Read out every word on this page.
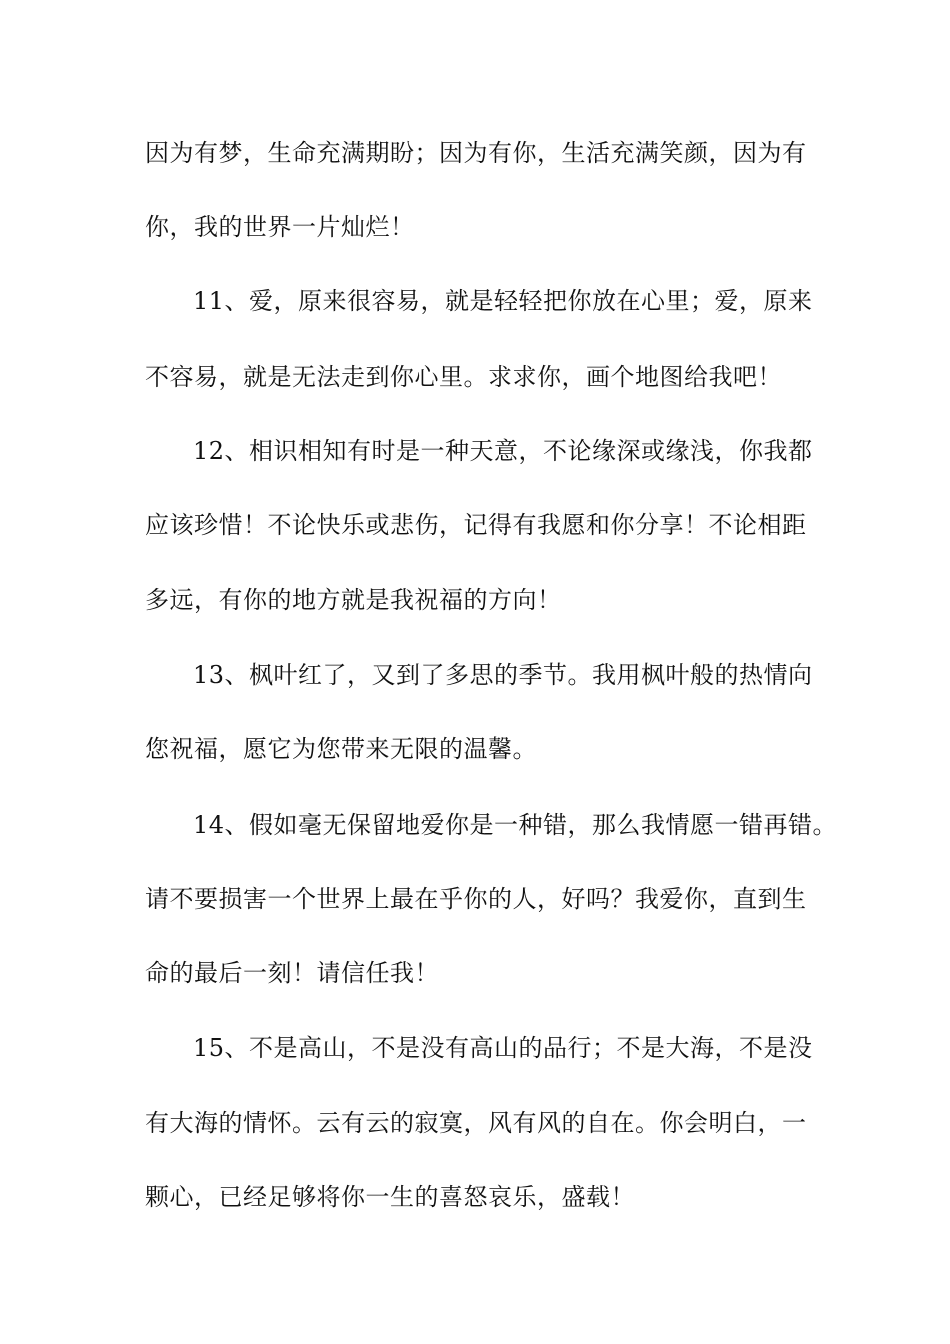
因为有梦，生命充满期盼；因为有你，生活充满笑颜，因为有
你，我的世界一片灿烂！
11、爱，原来很容易，就是轻轻把你放在心里；爱，原来
不容易，就是无法走到你心里。求求你，画个地图给我吧！
12、相识相知有时是一种天意，不论缘深或缘浅，你我都
应该珍惜！不论快乐或悲伤，记得有我愿和你分享！不论相距
多远，有你的地方就是我祝福的方向！
13、枫叶红了，又到了多思的季节。我用枫叶般的热情向
您祝福，愿它为您带来无限的温馨。
14、假如毫无保留地爱你是一种错，那么我情愿一错再错。
请不要损害一个世界上最在乎你的人，好吗？我爱你，直到生
命的最后一刻！请信任我！
15、不是高山，不是没有高山的品行；不是大海，不是没
有大海的情怀。云有云的寂寞，风有风的自在。你会明白，一
颗心，已经足够将你一生的喜怒哀乐，盛载！
